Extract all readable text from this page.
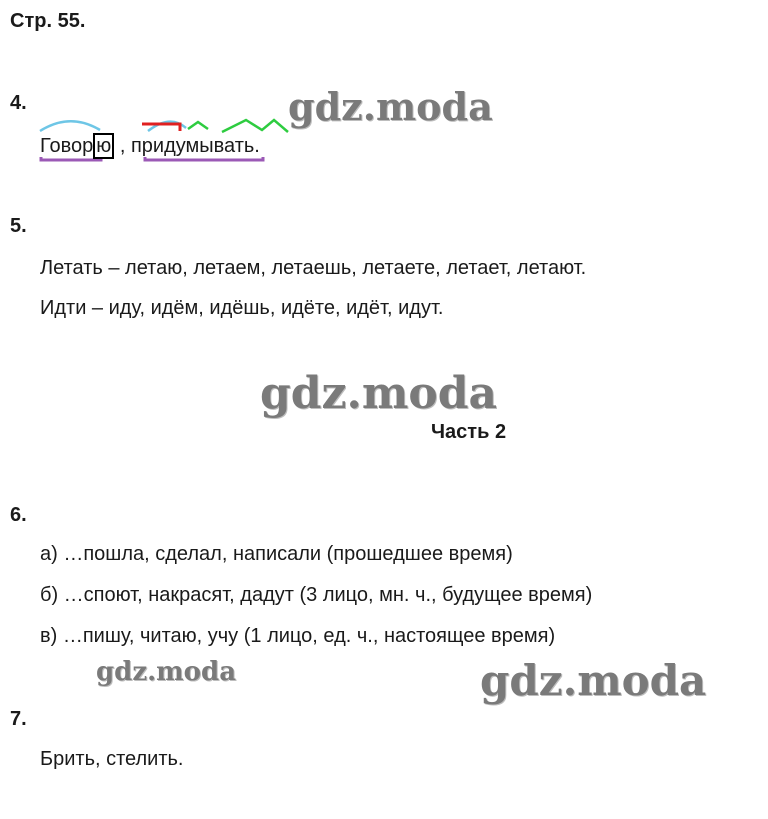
Стр. 55.
4.	gdz.moda
Говор ю , придумывать.
5.
Летать – летаю, летаем, летаешь, летаете, летает, летают.
Идти – иду, идём, идёшь, идёте, идёт, идут.
gdz.moda
Часть 2
6.
а) …пошла, сделал, написали (прошедшее время)
б) …споют, накрасят, дадут (3 лицо, мн. ч., будущее время)
в) …пишу, читаю, учу (1 лицо, ед. ч., настоящее время)
gdz.moda	gdz.moda
7.
Брить, стелить.
